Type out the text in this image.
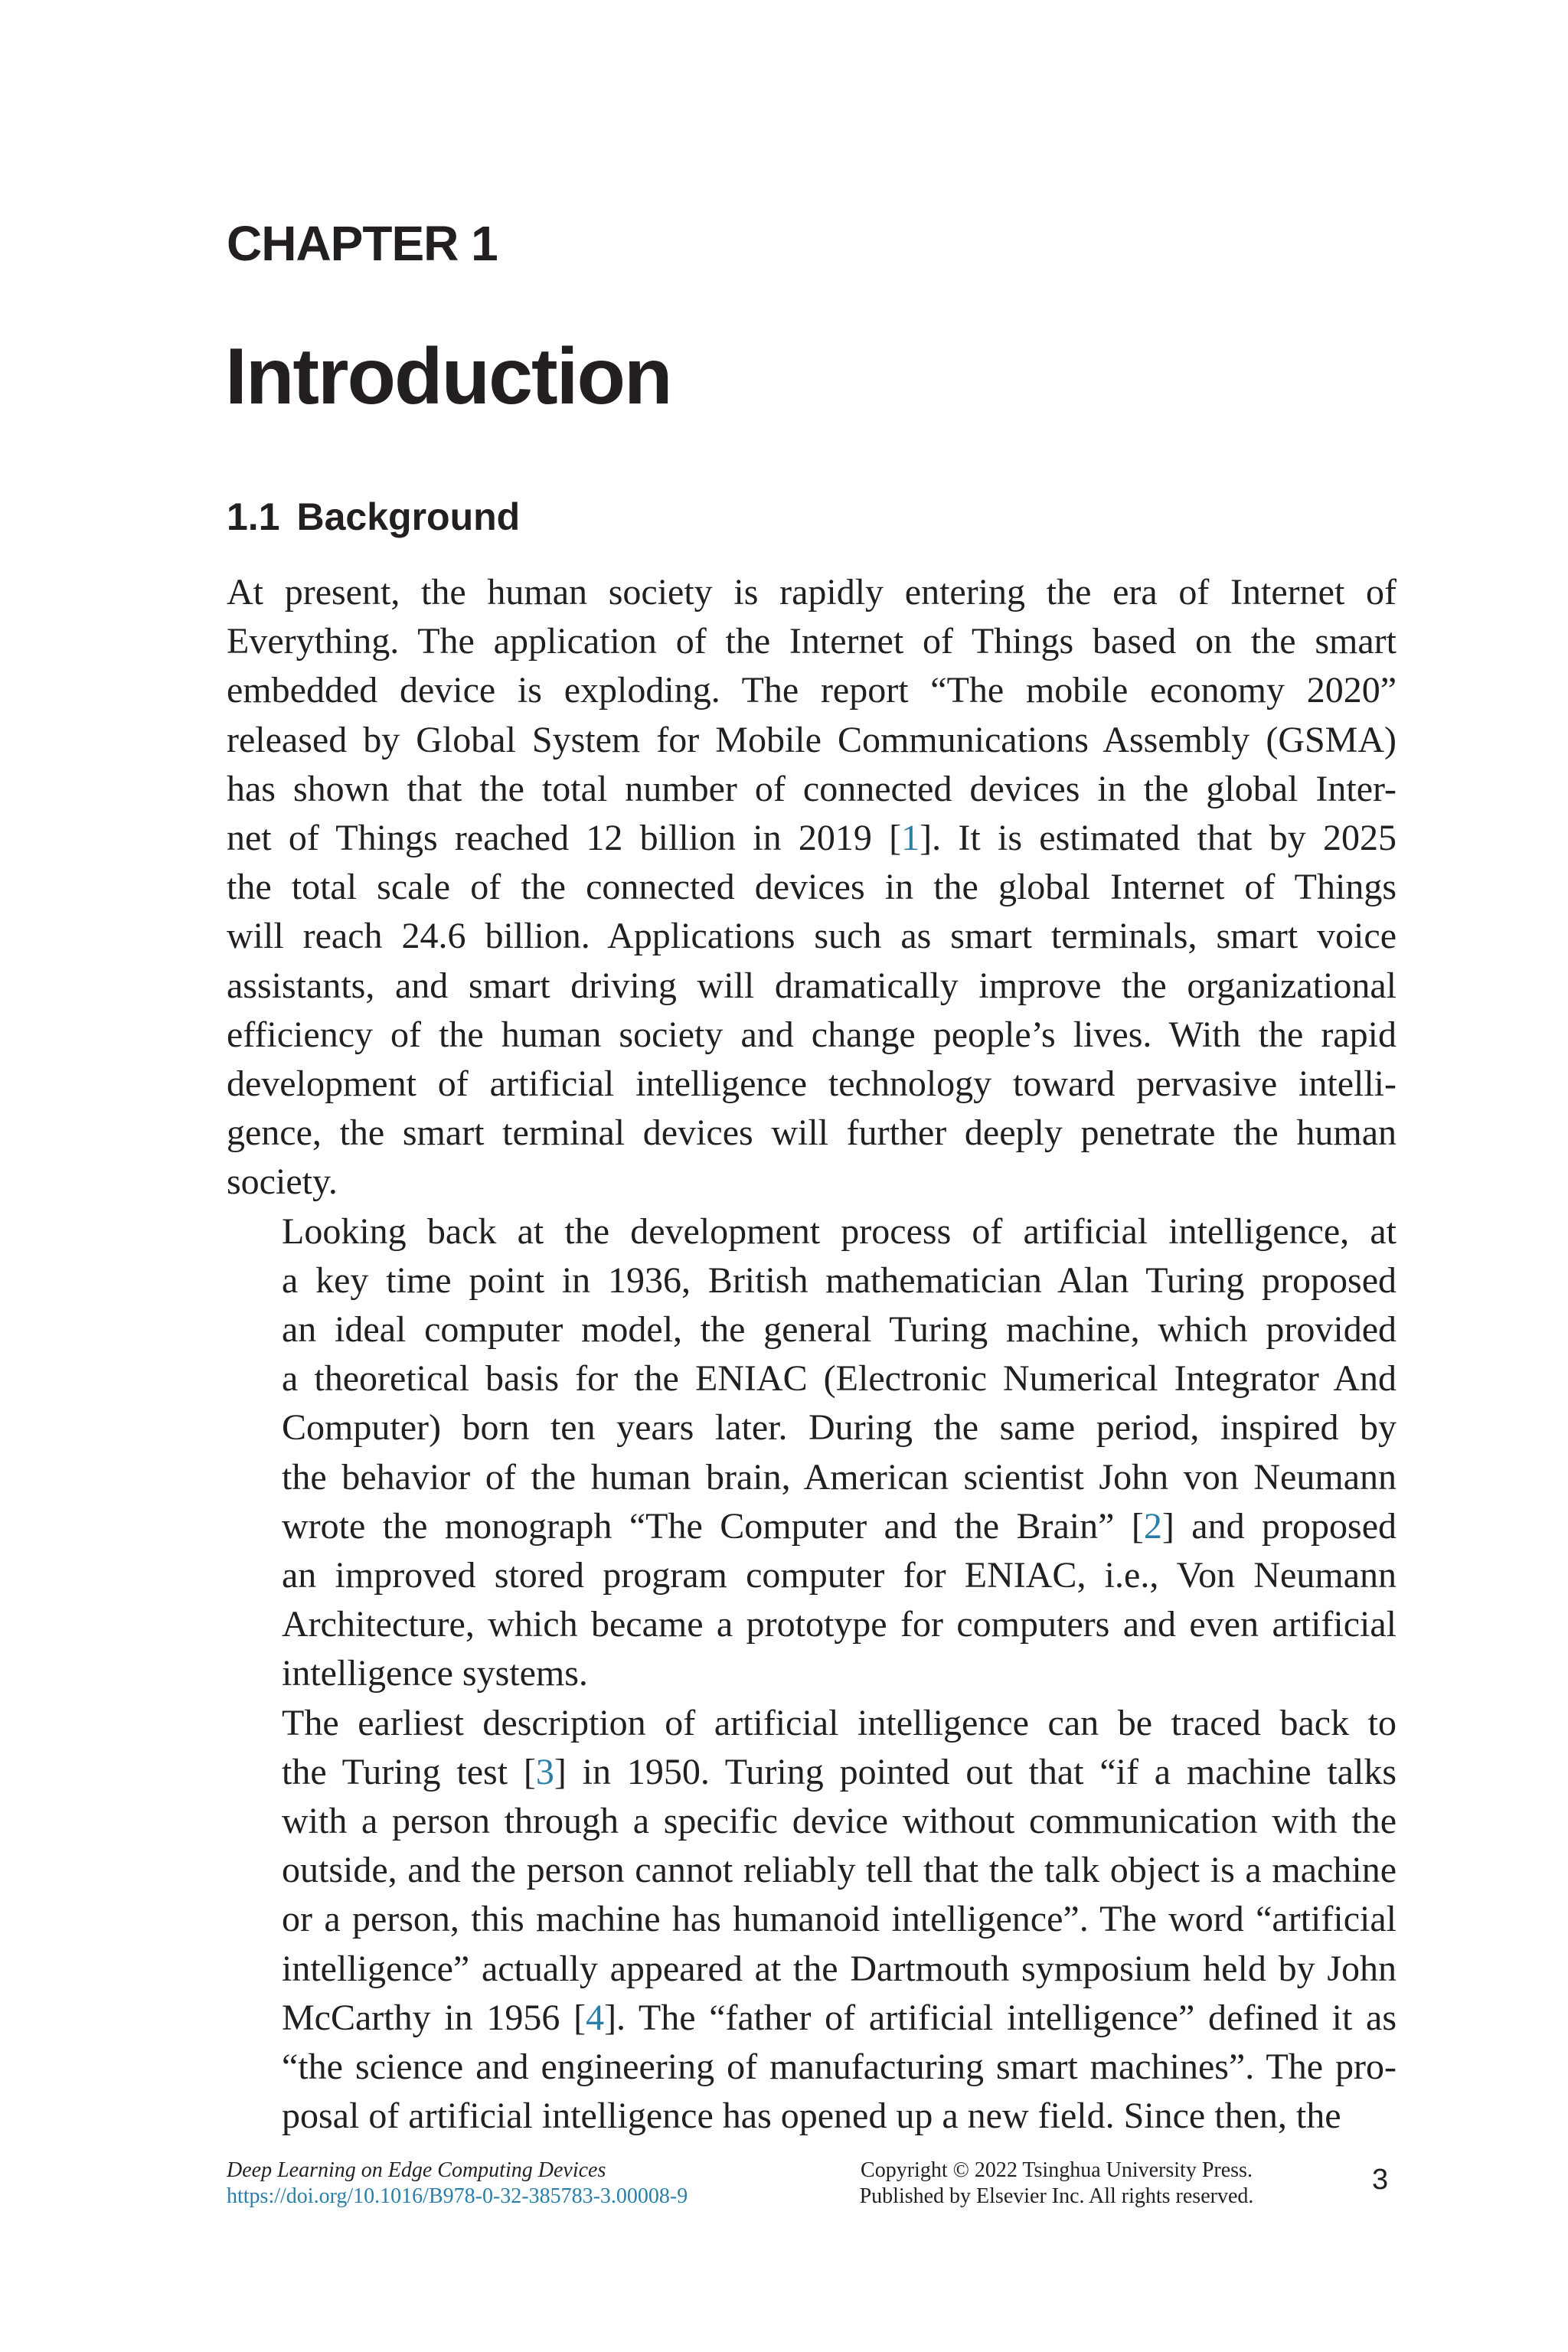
CHAPTER 1
Introduction
1.1 Background

At present, the human society is rapidly entering the era of Internet of
Everything. The application of the Internet of Things based on the smart
embedded device is exploding. The report “The mobile economy 2020”
released by Global System for Mobile Communications Assembly (GSMA)
has shown that the total number of connected devices in the global Inter-
net of Things reached 12 billion in 2019 [1]. It is estimated that by 2025
the total scale of the connected devices in the global Internet of Things
will reach 24.6 billion. Applications such as smart terminals, smart voice
assistants, and smart driving will dramatically improve the organizational
efficiency of the human society and change people’s lives. With the rapid
development of artificial intelligence technology toward pervasive intelli-
gence, the smart terminal devices will further deeply penetrate the human
society.

Looking back at the development process of artificial intelligence, at
a key time point in 1936, British mathematician Alan Turing proposed
an ideal computer model, the general Turing machine, which provided
a theoretical basis for the ENIAC (Electronic Numerical Integrator And
Computer) born ten years later. During the same period, inspired by
the behavior of the human brain, American scientist John von Neumann
wrote the monograph “The Computer and the Brain” [2] and proposed
an improved stored program computer for ENIAC, i.e., Von Neumann
Architecture, which became a prototype for computers and even artificial
intelligence systems.

The earliest description of artificial intelligence can be traced back to
the Turing test [3] in 1950. Turing pointed out that “if a machine talks
with a person through a specific device without communication with the
outside, and the person cannot reliably tell that the talk object is a machine
or a person, this machine has humanoid intelligence”. The word “artificial
intelligence” actually appeared at the Dartmouth symposium held by John
McCarthy in 1956 [4]. The “father of artificial intelligence” defined it as
“the science and engineering of manufacturing smart machines”. The pro-
posal of artificial intelligence has opened up a new field. Since then, the

Deep Learning on Edge Computing Devices
https://doi.org/10.1016/B978-0-32-385783-3.00008-9
Copyright © 2022 Tsinghua University Press.
Published by Elsevier Inc. All rights reserved.
3
